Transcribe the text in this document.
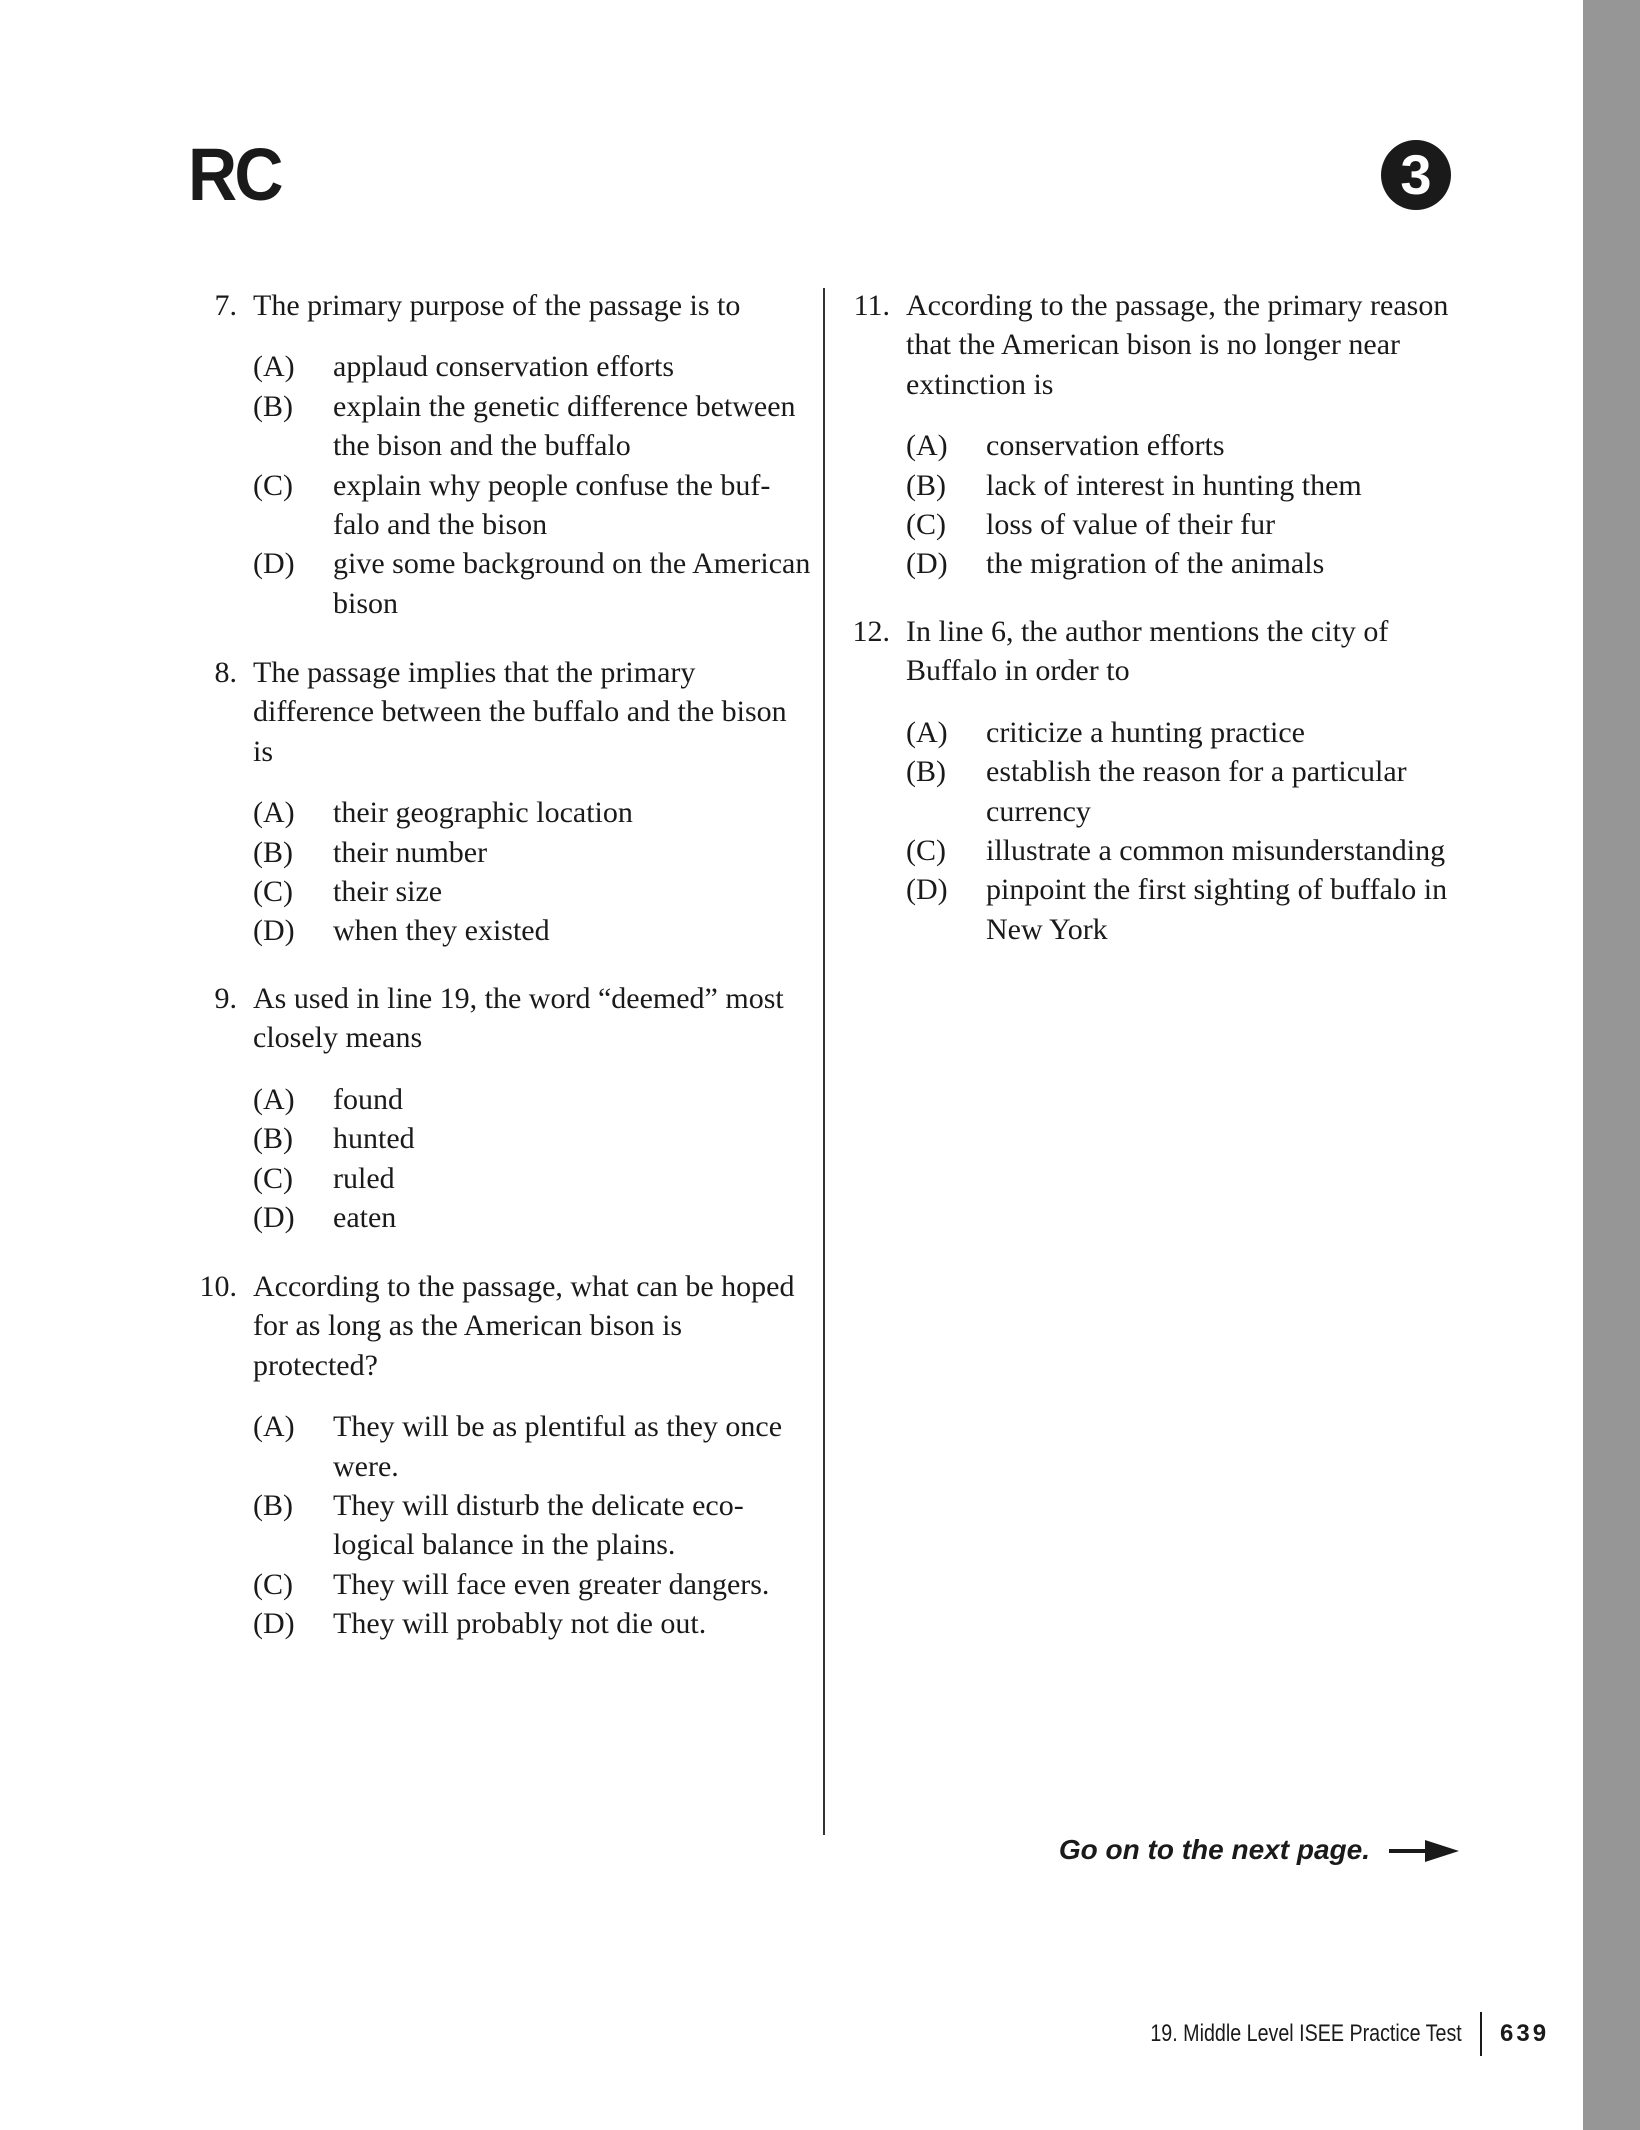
RC	3
7. The primary purpose of the passage is to
(A) applaud conservation efforts
(B) explain the genetic difference between the bison and the buffalo
(C) explain why people confuse the buf-falo and the bison
(D) give some background on the American bison
8. The passage implies that the primary difference between the buffalo and the bison is
(A) their geographic location
(B) their number
(C) their size
(D) when they existed
9. As used in line 19, the word “deemed” most closely means
(A) found
(B) hunted
(C) ruled
(D) eaten
10. According to the passage, what can be hoped for as long as the American bison is protected?
(A) They will be as plentiful as they once were.
(B) They will disturb the delicate eco-logical balance in the plains.
(C) They will face even greater dangers.
(D) They will probably not die out.
11. According to the passage, the primary reason that the American bison is no longer near extinction is
(A) conservation efforts
(B) lack of interest in hunting them
(C) loss of value of their fur
(D) the migration of the animals
12. In line 6, the author mentions the city of Buffalo in order to
(A) criticize a hunting practice
(B) establish the reason for a particular currency
(C) illustrate a common misunderstanding
(D) pinpoint the first sighting of buffalo in New York
Go on to the next page.
19. Middle Level ISEE Practice Test 639
